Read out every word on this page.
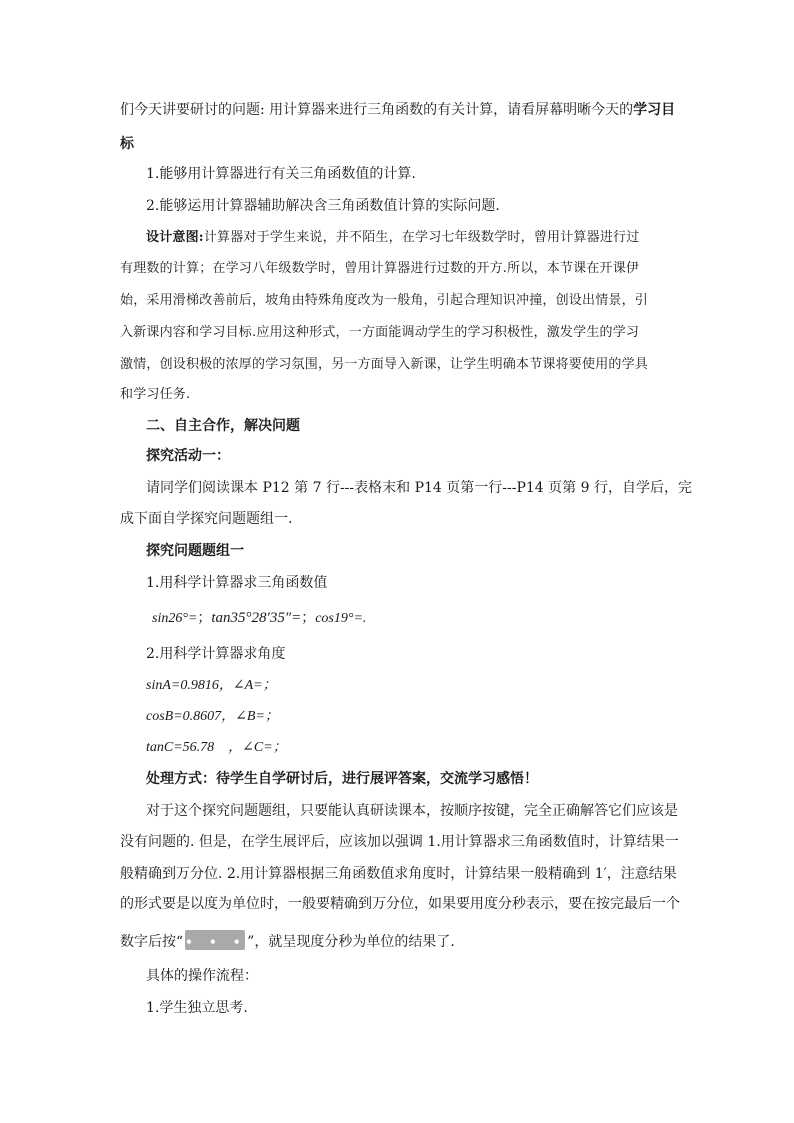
们今天讲要研讨的问题: 用计算器来进行三角函数的有关计算，请看屏幕明晰今天的学习目
标
1.能够用计算器进行有关三角函数值的计算.
2.能够运用计算器辅助解决含三角函数值计算的实际问题.
设计意图:计算器对于学生来说，并不陌生，在学习七年级数学时，曾用计算器进行过
有理数的计算；在学习八年级数学时，曾用计算器进行过数的开方.所以，本节课在开课伊
始，采用滑梯改善前后，坡角由特殊角度改为一般角，引起合理知识冲撞，创设出情景，引
入新课内容和学习目标.应用这种形式，一方面能调动学生的学习积极性，激发学生的学习
激情，创设积极的浓厚的学习氛围，另一方面导入新课，让学生明确本节课将要使用的学具
和学习任务.
二、自主合作，解决问题
探究活动一：
请同学们阅读课本 P12 第 7 行---表格末和 P14 页第一行---P14 页第 9 行，自学后，完
成下面自学探究问题题组一.
探究问题题组一
1.用科学计算器求三角函数值
sin26°=；tan35°28′35″=；cos19°=.
2.用科学计算器求角度
sinA=0.9816，∠A=；
cosB=0.8607，∠B=；
tanC=56.78　，∠C=；
处理方式：待学生自学研讨后，进行展评答案，交流学习感悟！
对于这个探究问题题组，只要能认真研读课本，按顺序按键，完全正确解答它们应该是
没有问题的. 但是，在学生展评后，应该加以强调 1.用计算器求三角函数值时，计算结果一
般精确到万分位. 2.用计算器根据三角函数值求角度时，计算结果一般精确到 1′，注意结果
的形式要是以度为单位时，一般要精确到万分位，如果要用度分秒表示，要在按完最后一个
数字后按“ • • • •
”，就呈现度分秒为单位的结果了.
具体的操作流程：
1.学生独立思考.
